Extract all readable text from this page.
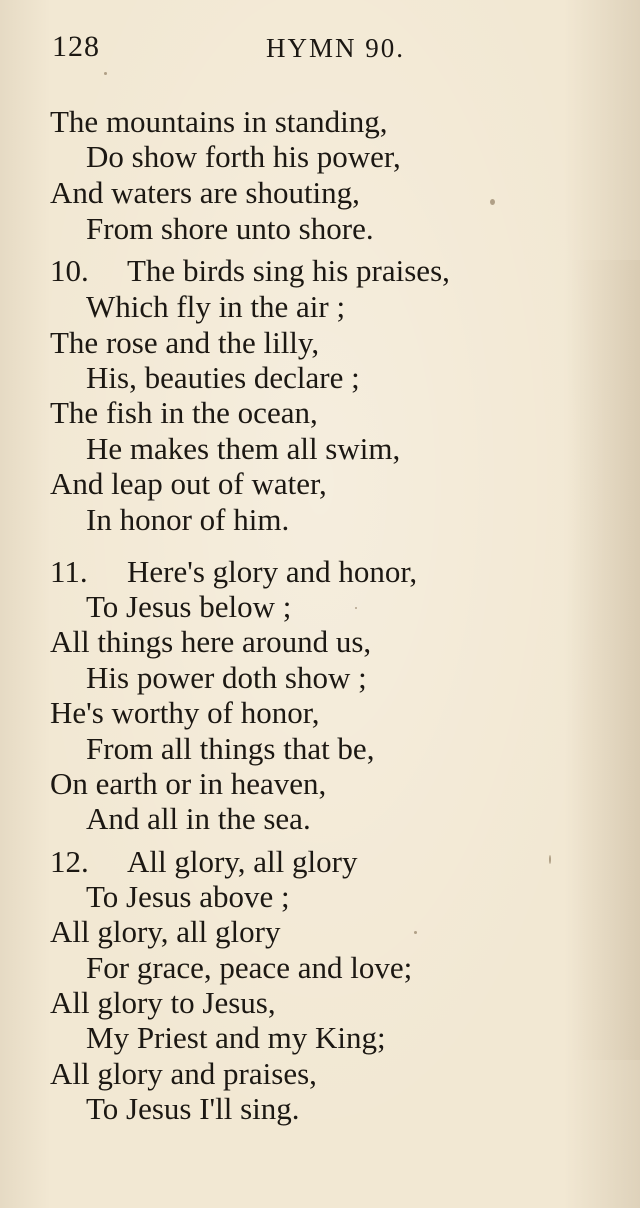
128	HYMN 90.
The mountains in standing,
Do show forth his power,
And waters are shouting,
From shore unto shore.
10. The birds sing his praises,
Which fly in the air ;
The rose and the lilly,
His, beauties declare ;
The fish in the ocean,
He makes them all swim,
And leap out of water,
In honor of him.
11. Here's glory and honor,
To Jesus below ;
All things here around us,
His power doth show ;
He's worthy of honor,
From all things that be,
On earth or in heaven,
And all in the sea.
12. All glory, all glory
To Jesus above ;
All glory, all glory
For grace, peace and love;
All glory to Jesus,
My Priest and my King;
All glory and praises,
To Jesus I'll sing.
